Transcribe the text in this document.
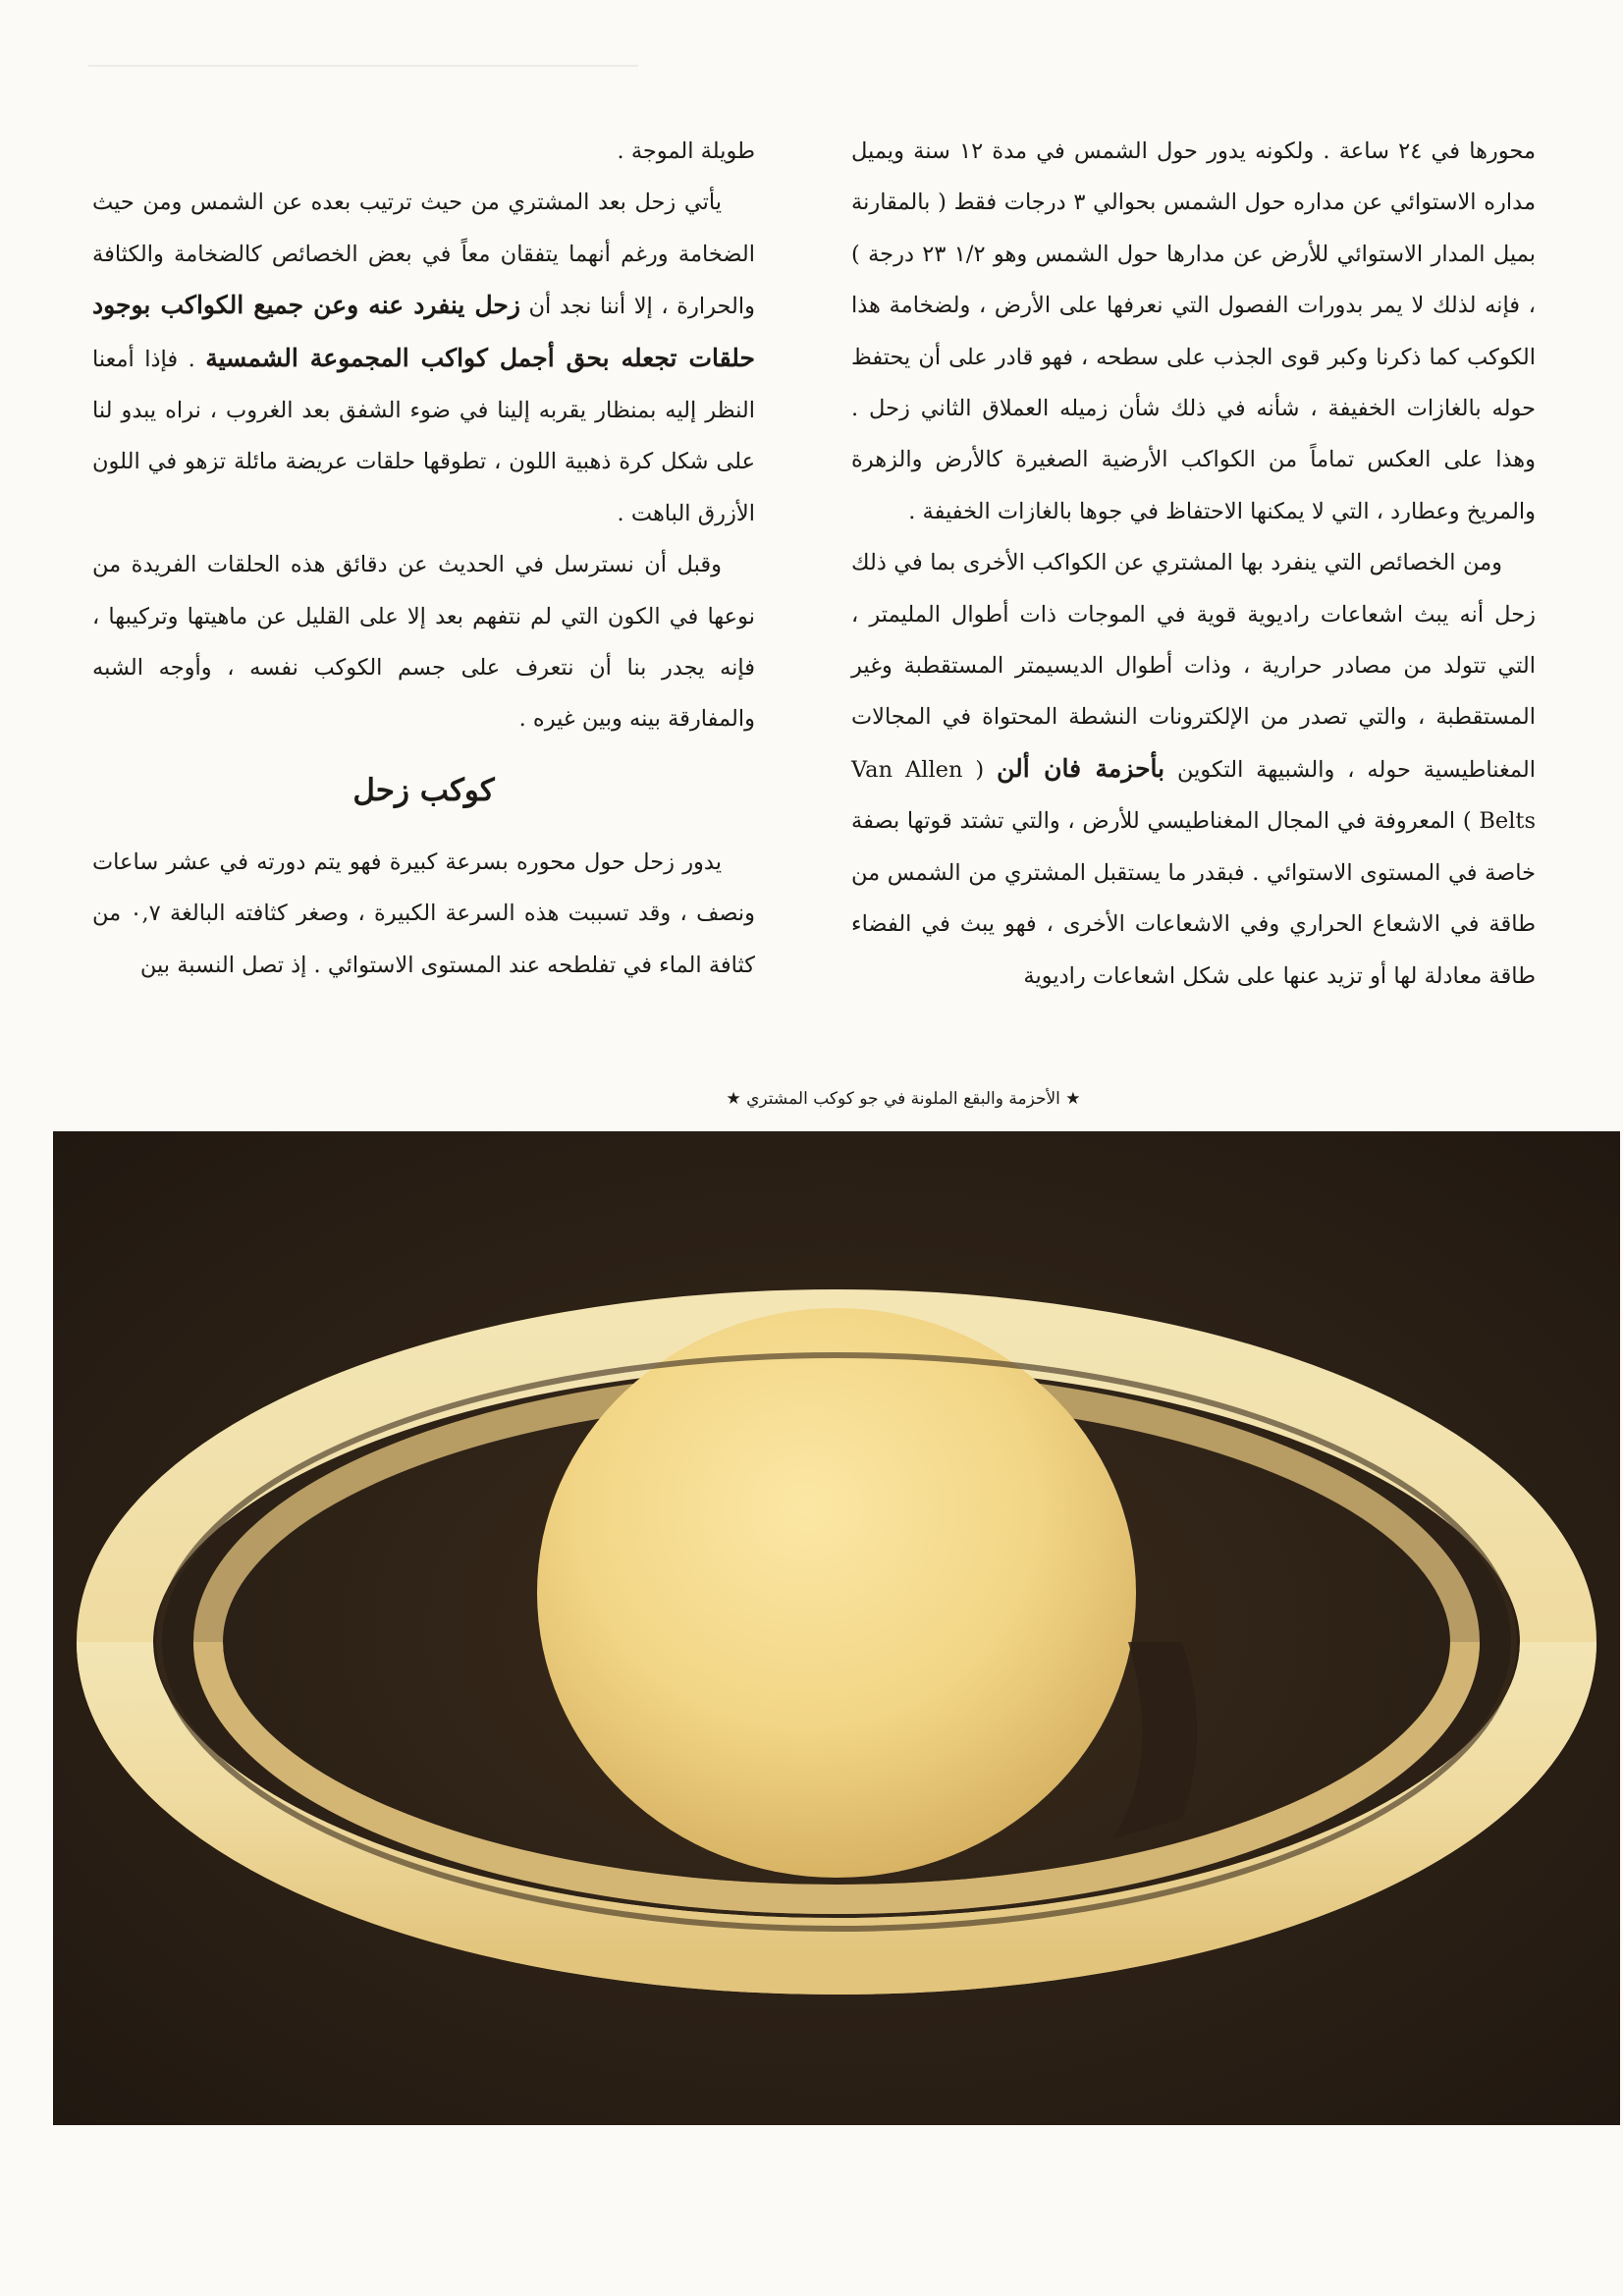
محورها في ٢٤ ساعة . ولكونه يدور حول الشمس في مدة ١٢ سنة ويميل مداره الاستوائي عن مداره حول الشمس بحوالي ٣ درجات فقط ( بالمقارنة بميل المدار الاستوائي للأرض عن مدارها حول الشمس وهو ١/٢ ٢٣ درجة ) ، فإنه لذلك لا يمر بدورات الفصول التي نعرفها على الأرض ، ولضخامة هذا الكوكب كما ذكرنا وكبر قوى الجذب على سطحه ، فهو قادر على أن يحتفظ حوله بالغازات الخفيفة ، شأنه في ذلك شأن زميله العملاق الثاني زحل . وهذا على العكس تماماً من الكواكب الأرضية الصغيرة كالأرض والزهرة والمريخ وعطارد ، التي لا يمكنها الاحتفاظ في جوها بالغازات الخفيفة .

ومن الخصائص التي ينفرد بها المشتري عن الكواكب الأخرى بما في ذلك زحل أنه يبث اشعاعات راديوية قوية في الموجات ذات أطوال المليمتر ، التي تتولد من مصادر حرارية ، وذات أطوال الديسيمتر المستقطبة وغير المستقطبة ، والتي تصدر من الإلكترونات النشطة المحتواة في المجالات المغناطيسية حوله ، والشبيهة التكوين بأحزمة فان ألن ( Van Allen Belts ) المعروفة في المجال المغناطيسي للأرض ، والتي تشتد قوتها بصفة خاصة في المستوى الاستوائي . فبقدر ما يستقبل المشتري من الشمس من طاقة في الاشعاع الحراري وفي الاشعاعات الأخرى ، فهو يبث في الفضاء طاقة معادلة لها أو تزيد عنها على شكل اشعاعات راديوية

طويلة الموجة .

يأتي زحل بعد المشتري من حيث ترتيب بعده عن الشمس ومن حيث الضخامة ورغم أنهما يتفقان معاً في بعض الخصائص كالضخامة والكثافة والحرارة ، إلا أننا نجد أن زحل ينفرد عنه وعن جميع الكواكب بوجود حلقات تجعله بحق أجمل كواكب المجموعة الشمسية . فإذا أمعنا النظر إليه بمنظار يقربه إلينا في ضوء الشفق بعد الغروب ، نراه يبدو لنا على شكل كرة ذهبية اللون ، تطوقها حلقات عريضة مائلة تزهو في اللون الأزرق الباهت .

وقبل أن نسترسل في الحديث عن دقائق هذه الحلقات الفريدة من نوعها في الكون التي لم نتفهم بعد إلا على القليل عن ماهيتها وتركيبها ، فإنه يجدر بنا أن نتعرف على جسم الكوكب نفسه ، وأوجه الشبه والمفارقة بينه وبين غيره .

كوكب زحل

يدور زحل حول محوره بسرعة كبيرة فهو يتم دورته في عشر ساعات ونصف ، وقد تسببت هذه السرعة الكبيرة ، وصغر كثافته البالغة ٠,٧ من كثافة الماء في تفلطحه عند المستوى الاستوائي . إذ تصل النسبة بين

★ الأحزمة والبقع الملونة في جو كوكب المشتري ★
